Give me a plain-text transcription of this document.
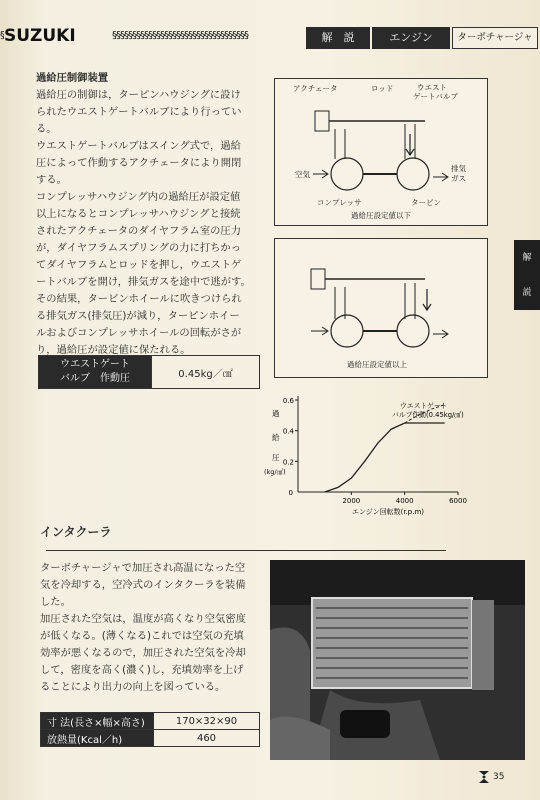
SUZUKI
§	§§§§§§§§§§§§§§§§§§§§§§§§§§§§§§§§§§	解　説	エンジン	ターボチャージャ
過給圧制御装置
過給圧の制御は，ターピンハウジングに設け
られたウエストゲートバルブにより行ってい
る。
ウエストゲートバルブはスイング式で，過給
圧によって作動するアクチェータにより開閉
する。
コンプレッサハウジング内の過給圧が設定値
以上になるとコンプレッサハウジングと接続
されたアクチェータのダイヤフラム室の圧力
が，ダイヤフラムスプリングの力に打ちかっ
てダイヤフラムとロッドを押し，ウエストゲ
ートバルブを開け，排気ガスを途中で逃がす。
その結果，タービンホイールに吹きつけられ
る排気ガス(排気圧)が減り，ターピンホイー
ルおよびコンプレッサホイールの回転がさが
り，過給圧が設定値に保たれる。
ウエストゲート
バルブ　作動圧	0.45kg／㎠
アクチェータ	ロッド	ウエスト
ゲートバルブ
空気
排気
ガス
コンプレッサ	タービン
過給圧設定値以下
過給圧設定値以上
0.2
0.4
0.6
0
2000	4000	6000
エンジン回転数(r.p.m)
過
給
圧
(kg/㎠)
ウエストゲート
バルブ作動(0.45kg/㎠)
インタクーラ
ターボチャージャで加圧され高温になった空
気を冷却する，空冷式のインタクーラを装備
した。
加圧された空気は，温度が高くなり空気密度
が低くなる。(薄くなる)これでは空気の充填
効率が悪くなるので，加圧された空気を冷却
して，密度を高く(濃く)し，充填効率を上げ
ることにより出力の向上を図っている。
寸 法(長さ×幅×高さ)	170×32×90
放熱量(Kcal／h)	460
解
説
35
